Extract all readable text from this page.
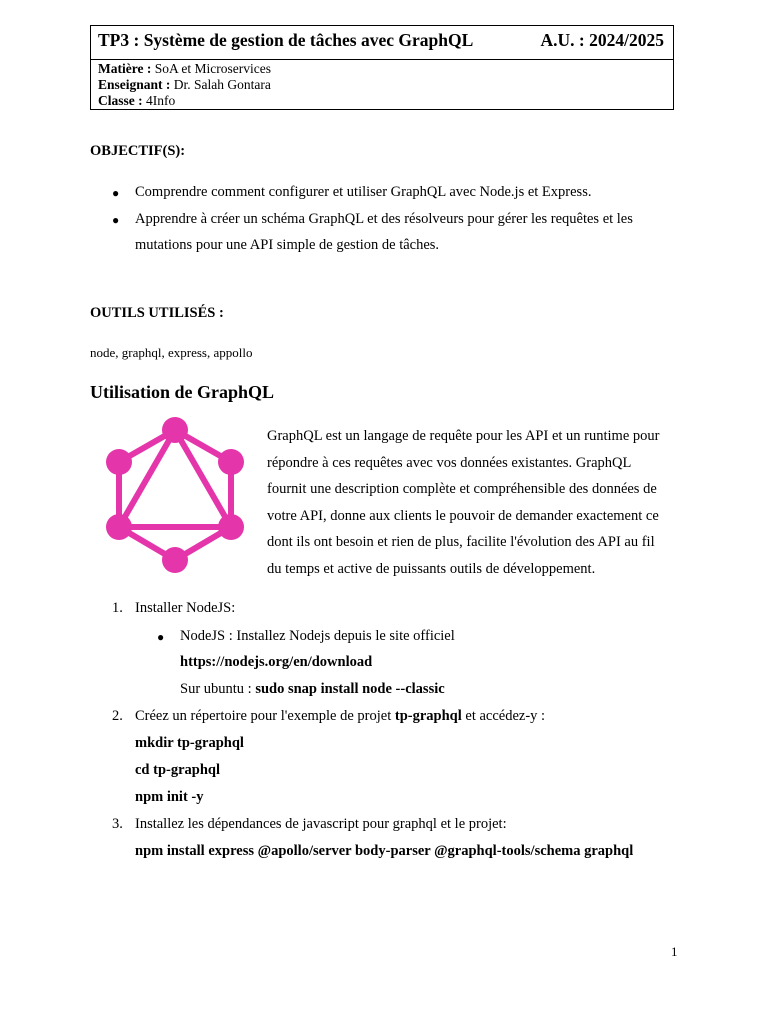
TP3 : Système de gestion de tâches avec GraphQL	A.U. : 2024/2025
Matière : SoA et Microservices
Enseignant : Dr. Salah Gontara
Classe : 4Info
OBJECTIF(S):
● Comprendre comment configurer et utiliser GraphQL avec Node.js et Express.
● Apprendre à créer un schéma GraphQL et des résolveurs pour gérer les requêtes et les
mutations pour une API simple de gestion de tâches.
OUTILS UTILISÉS :
node, graphql, express, appollo
Utilisation de GraphQL
GraphQL est un langage de requête pour les API et un runtime pour
répondre à ces requêtes avec vos données existantes. GraphQL
fournit une description complète et compréhensible des données de
votre API, donne aux clients le pouvoir de demander exactement ce
dont ils ont besoin et rien de plus, facilite l'évolution des API au fil
du temps et active de puissants outils de développement.
1. Installer NodeJS:
● NodeJS : Installez Nodejs depuis le site officiel
https://nodejs.org/en/download
Sur ubuntu : sudo snap install node --classic
2. Créez un répertoire pour l'exemple de projet tp-graphql et accédez-y :
mkdir tp-graphql
cd tp-graphql
npm init -y
3. Installez les dépendances de javascript pour graphql et le projet:
npm install express @apollo/server body-parser @graphql-tools/schema graphql
1
